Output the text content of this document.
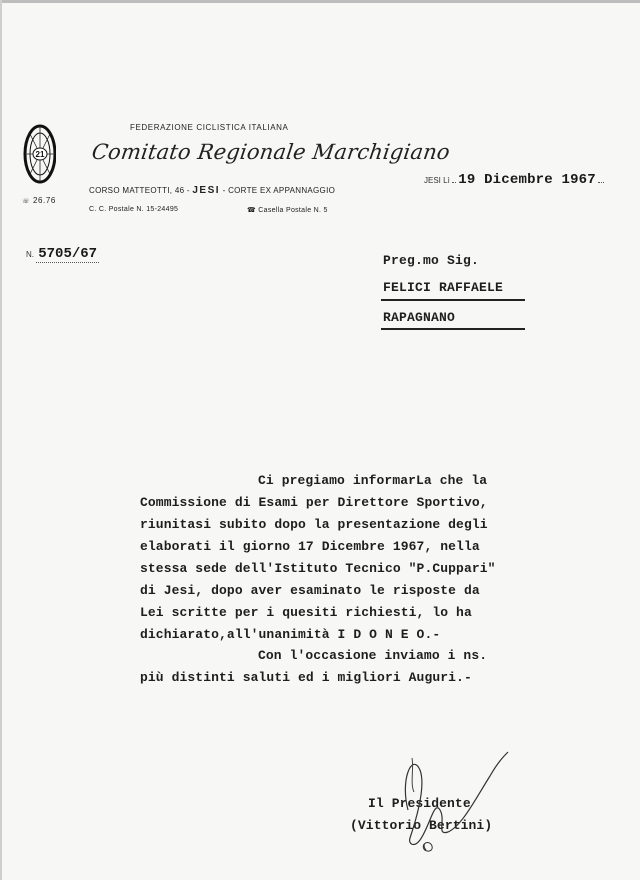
21
☏ 26.76
FEDERAZIONE CICLISTICA ITALIANA
Comitato Regionale Marchigiano
CORSO MATTEOTTI, 46 - JESI - CORTE EX APPANNAGGIO
C. C. Postale N. 15-24495	☎ Casella Postale N. 5
JESI Lì 19 Dicembre 1967
N. 5705/67	Preg.mo Sig.
FELICI RAFFAELE
RAPAGNANO
Ci pregiamo informarLa che la
Commissione di Esami per Direttore Sportivo,
riunitasi subito dopo la presentazione degli
elaborati il giorno 17 Dicembre 1967, nella
stessa sede dell'Istituto Tecnico "P.Cuppari"
di Jesi, dopo aver esaminato le risposte da
Lei scritte per i quesiti richiesti, lo ha
dichiarato,all'unanimità I D O N E O.-
Con l'occasione inviamo i ns.
più distinti saluti ed i migliori Auguri.-
Il Presidente
(Vittorio Bertini)
